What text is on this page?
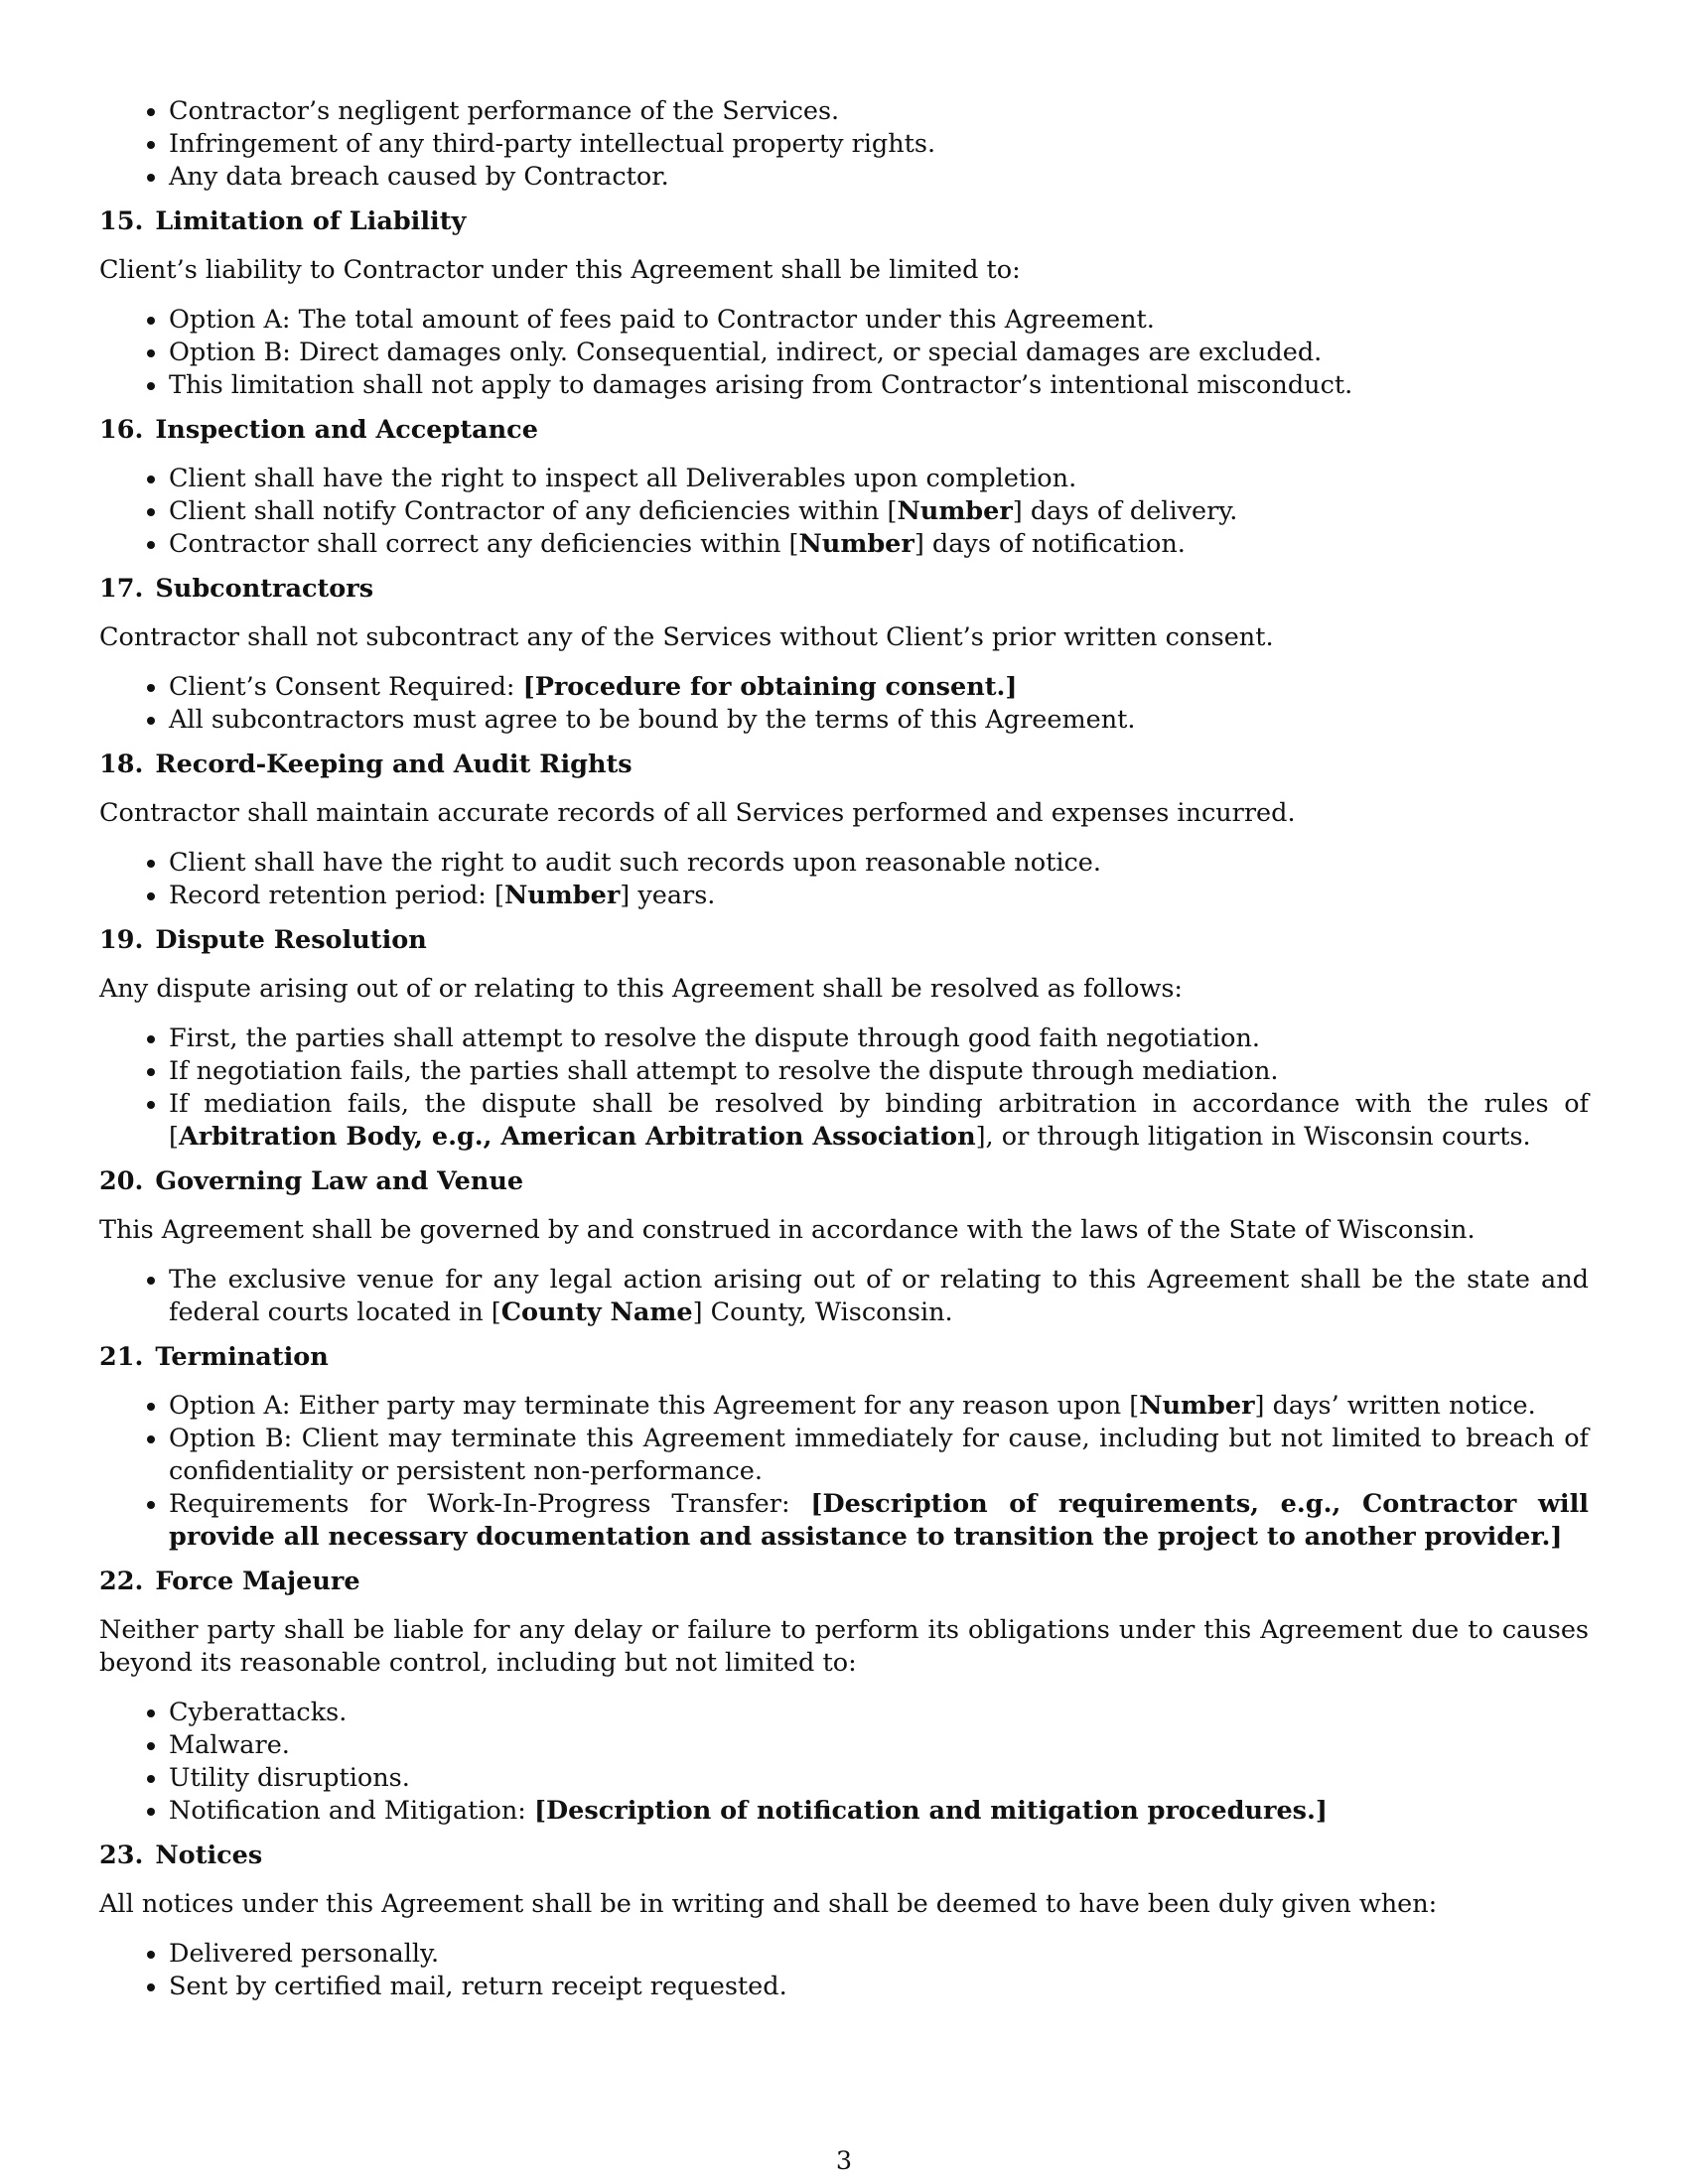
• Contractor’s negligent performance of the Services.
• Infringement of any third-party intellectual property rights.
• Any data breach caused by Contractor.
15. Limitation of Liability

Client’s liability to Contractor under this Agreement shall be limited to:

• Option A: The total amount of fees paid to Contractor under this Agreement.
• Option B: Direct damages only. Consequential, indirect, or special damages are excluded.
• This limitation shall not apply to damages arising from Contractor’s intentional misconduct.
16. Inspection and Acceptance
• Client shall have the right to inspect all Deliverables upon completion.
• Client shall notify Contractor of any deficiencies within [Number] days of delivery.
• Contractor shall correct any deficiencies within [Number] days of notification.
17. Subcontractors

Contractor shall not subcontract any of the Services without Client’s prior written consent.

• Client’s Consent Required: [Procedure for obtaining consent.]
• All subcontractors must agree to be bound by the terms of this Agreement.
18. Record-Keeping and Audit Rights

Contractor shall maintain accurate records of all Services performed and expenses incurred.

• Client shall have the right to audit such records upon reasonable notice.
• Record retention period: [Number] years.
19. Dispute Resolution

Any dispute arising out of or relating to this Agreement shall be resolved as follows:

• First, the parties shall attempt to resolve the dispute through good faith negotiation.
• If negotiation fails, the parties shall attempt to resolve the dispute through mediation.
• If mediation fails, the dispute shall be resolved by binding arbitration in accordance with the rules of [Arbitration Body, e.g., American Arbitration Association], or through litigation in Wisconsin courts.
20. Governing Law and Venue

This Agreement shall be governed by and construed in accordance with the laws of the State of Wisconsin.

• The exclusive venue for any legal action arising out of or relating to this Agreement shall be the state and federal courts located in [County Name] County, Wisconsin.
21. Termination
• Option A: Either party may terminate this Agreement for any reason upon [Number] days’ written notice.
• Option B: Client may terminate this Agreement immediately for cause, including but not limited to breach of confidentiality or persistent non-performance.
• Requirements for Work-In-Progress Transfer: [Description of requirements, e.g., Contractor will provide all necessary documentation and assistance to transition the project to another provider.]
22. Force Majeure

Neither party shall be liable for any delay or failure to perform its obligations under this Agreement due to causes beyond its reasonable control, including but not limited to:

• Cyberattacks.
• Malware.
• Utility disruptions.
• Notification and Mitigation: [Description of notification and mitigation procedures.]
23. Notices

All notices under this Agreement shall be in writing and shall be deemed to have been duly given when:

• Delivered personally.
• Sent by certified mail, return receipt requested.
3
